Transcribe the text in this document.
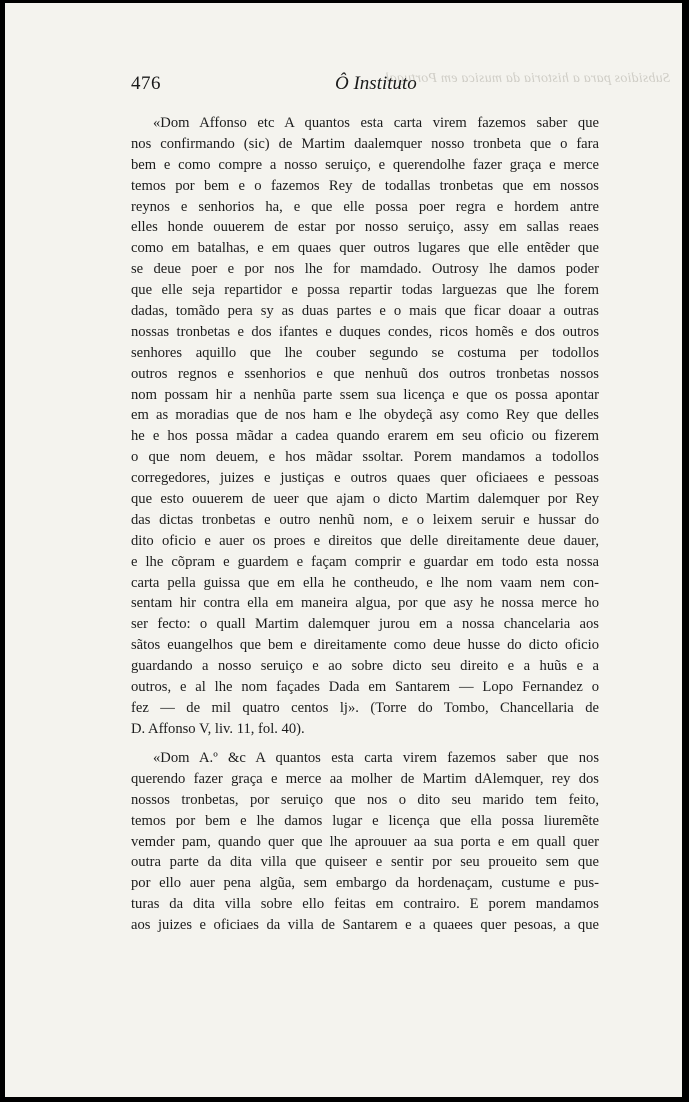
Subsidios para a historia da musica em Portugal
476	Ô Instituto
«Dom Affonso etc A quantos esta carta virem fazemos saber que
nos confirmando (sic) de Martim daalemquer nosso tronbeta que o fara
bem e como compre a nosso seruiço, e querendolhe fazer graça e merce
temos por bem e o fazemos Rey de todallas tronbetas que em nossos
reynos e senhorios ha, e que elle possa poer regra e hordem antre
elles honde ouuerem de estar por nosso seruiço, assy em sallas reaes
como em batalhas, e em quaes quer outros lugares que elle entẽder que
se deue poer e por nos lhe for mamdado. Outrosy lhe damos poder
que elle seja repartidor e possa repartir todas larguezas que lhe forem
dadas, tomãdo pera sy as duas partes e o mais que ficar doaar a outras
nossas tronbetas e dos ifantes e duques condes, ricos homẽs e dos outros
senhores aquillo que lhe couber segundo se costuma per todollos
outros regnos e ssenhorios e que nenhuũ dos outros tronbetas nossos
nom possam hir a nenhũa parte ssem sua licença e que os possa apontar
em as moradias que de nos ham e lhe obydeçã asy como Rey que delles
he e hos possa mãdar a cadea quando erarem em seu oficio ou fizerem
o que nom deuem, e hos mãdar ssoltar. Porem mandamos a todollos
corregedores, juizes e justiças e outros quaes quer oficiaees e pessoas
que esto ouuerem de ueer que ajam o dicto Martim dalemquer por Rey
das dictas tronbetas e outro nenhũ nom, e o leixem seruir e hussar do
dito oficio e auer os proes e direitos que delle direitamente deue dauer,
e lhe cõpram e guardem e façam comprir e guardar em todo esta nossa
carta pella guissa que em ella he contheudo, e lhe nom vaam nem con-
sentam hir contra ella em maneira algua, por que asy he nossa merce ho
ser fecto: o quall Martim dalemquer jurou em a nossa chancelaria aos
sãtos euangelhos que bem e direitamente como deue husse do dicto oficio
guardando a nosso seruiço e ao sobre dicto seu direito e a huũs e a
outros, e al lhe nom façades Dada em Santarem — Lopo Fernandez o
fez — de mil quatro centos lj». (Torre do Tombo, Chancellaria de
D. Affonso V, liv. 11, fol. 40).
«Dom A.º &c A quantos esta carta virem fazemos saber que nos
querendo fazer graça e merce aa molher de Martim dAlemquer, rey dos
nossos tronbetas, por seruiço que nos o dito seu marido tem feito,
temos por bem e lhe damos lugar e licença que ella possa liuremẽte
vemder pam, quando quer que lhe aprouuer aa sua porta e em quall quer
outra parte da dita villa que quiseer e sentir por seu proueito sem que
por ello auer pena algũa, sem embargo da hordenaçam, custume e pus-
turas da dita villa sobre ello feitas em contrairo. E porem mandamos
aos juizes e oficiaes da villa de Santarem e a quaees quer pesoas, a que
